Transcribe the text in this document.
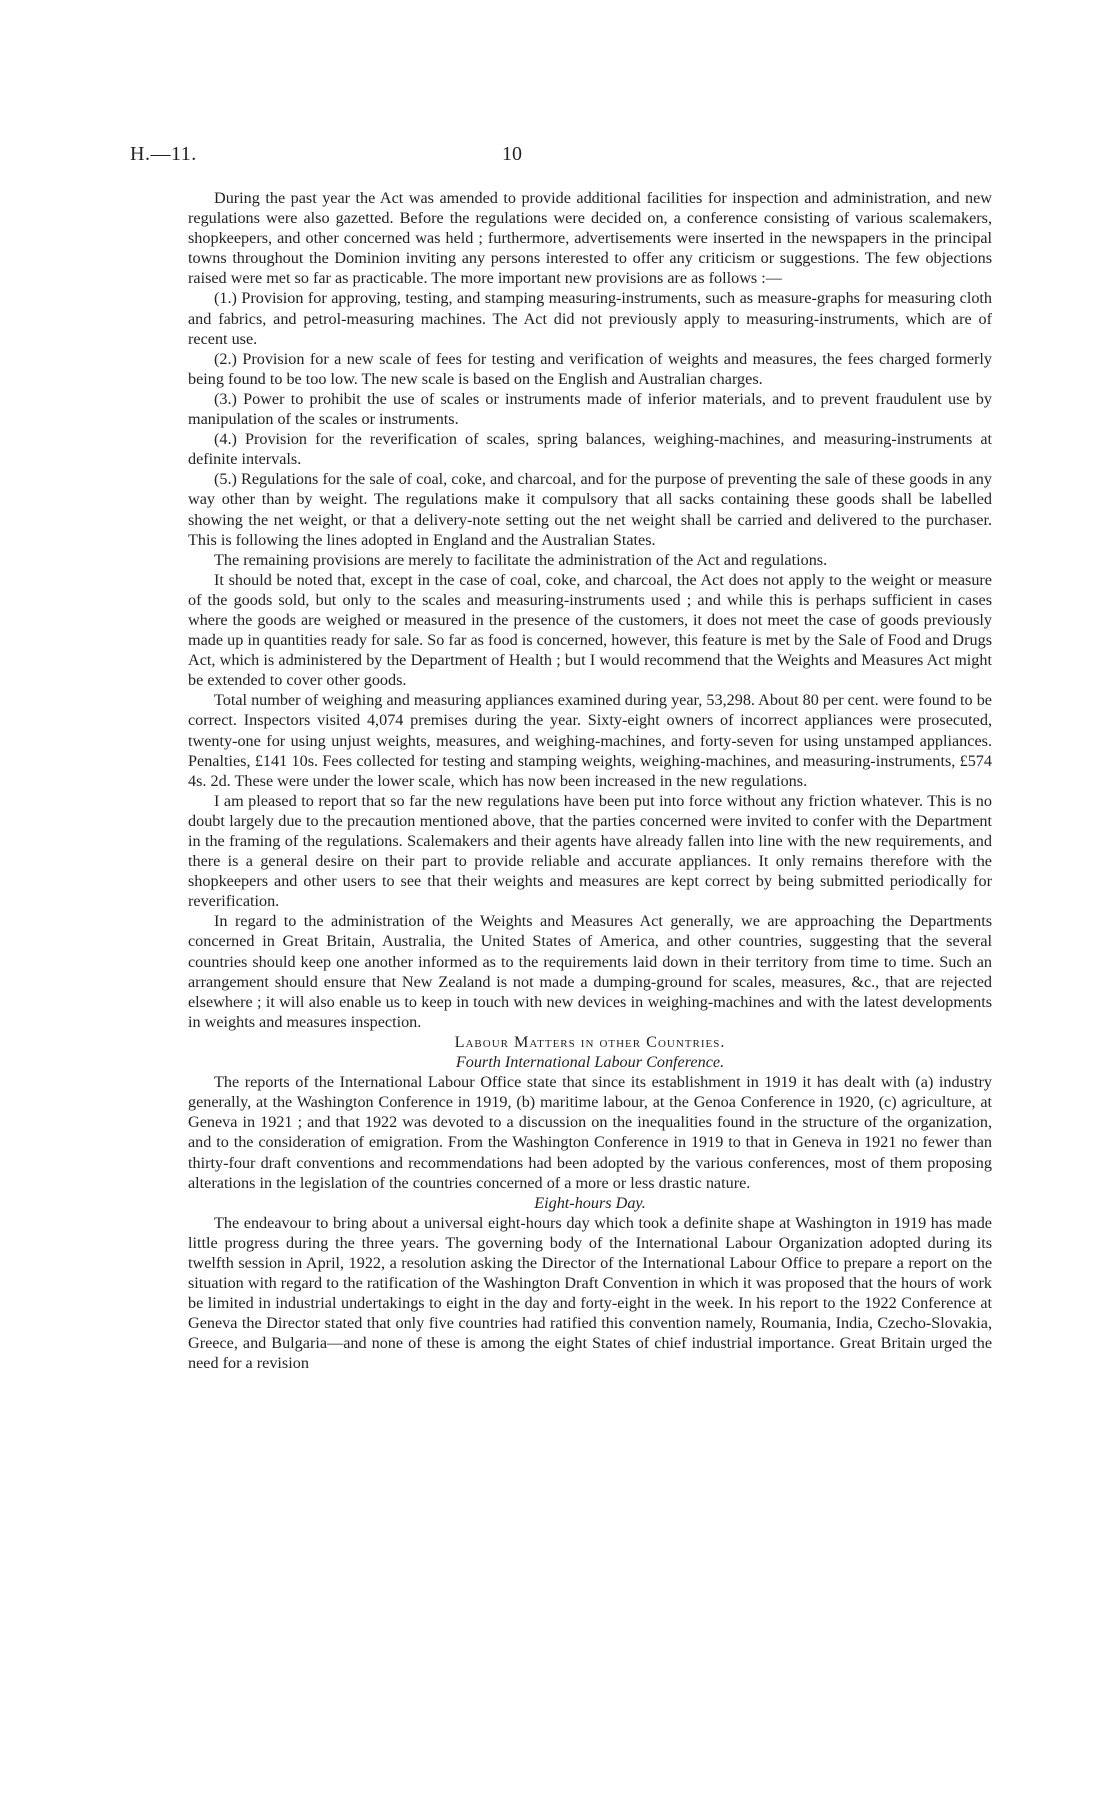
H.—11.	10

During the past year the Act was amended to provide additional facilities for inspection and administration, and new regulations were also gazetted. Before the regulations were decided on, a conference consisting of various scalemakers, shopkeepers, and other concerned was held ; furthermore, advertisements were inserted in the newspapers in the principal towns throughout the Dominion inviting any persons interested to offer any criticism or suggestions. The few objections raised were met so far as practicable. The more important new provisions are as follows :—

(1.) Provision for approving, testing, and stamping measuring-instruments, such as measure-graphs for measuring cloth and fabrics, and petrol-measuring machines. The Act did not previously apply to measuring-instruments, which are of recent use.

(2.) Provision for a new scale of fees for testing and verification of weights and measures, the fees charged formerly being found to be too low. The new scale is based on the English and Australian charges.

(3.) Power to prohibit the use of scales or instruments made of inferior materials, and to prevent fraudulent use by manipulation of the scales or instruments.

(4.) Provision for the reverification of scales, spring balances, weighing-machines, and measuring-instruments at definite intervals.

(5.) Regulations for the sale of coal, coke, and charcoal, and for the purpose of preventing the sale of these goods in any way other than by weight. The regulations make it compulsory that all sacks containing these goods shall be labelled showing the net weight, or that a delivery-note setting out the net weight shall be carried and delivered to the purchaser. This is following the lines adopted in England and the Australian States.

The remaining provisions are merely to facilitate the administration of the Act and regulations.

It should be noted that, except in the case of coal, coke, and charcoal, the Act does not apply to the weight or measure of the goods sold, but only to the scales and measuring-instruments used ; and while this is perhaps sufficient in cases where the goods are weighed or measured in the presence of the customers, it does not meet the case of goods previously made up in quantities ready for sale. So far as food is concerned, however, this feature is met by the Sale of Food and Drugs Act, which is administered by the Department of Health ; but I would recommend that the Weights and Measures Act might be extended to cover other goods.

Total number of weighing and measuring appliances examined during year, 53,298. About 80 per cent. were found to be correct. Inspectors visited 4,074 premises during the year. Sixty-eight owners of incorrect appliances were prosecuted, twenty-one for using unjust weights, measures, and weighing-machines, and forty-seven for using unstamped appliances. Penalties, £141 10s. Fees collected for testing and stamping weights, weighing-machines, and measuring-instruments, £574 4s. 2d. These were under the lower scale, which has now been increased in the new regulations.

I am pleased to report that so far the new regulations have been put into force without any friction whatever. This is no doubt largely due to the precaution mentioned above, that the parties concerned were invited to confer with the Department in the framing of the regulations. Scalemakers and their agents have already fallen into line with the new requirements, and there is a general desire on their part to provide reliable and accurate appliances. It only remains therefore with the shopkeepers and other users to see that their weights and measures are kept correct by being submitted periodically for reverification.

In regard to the administration of the Weights and Measures Act generally, we are approaching the Departments concerned in Great Britain, Australia, the United States of America, and other countries, suggesting that the several countries should keep one another informed as to the requirements laid down in their territory from time to time. Such an arrangement should ensure that New Zealand is not made a dumping-ground for scales, measures, &c., that are rejected elsewhere ; it will also enable us to keep in touch with new devices in weighing-machines and with the latest developments in weights and measures inspection.

Labour Matters in other Countries.

Fourth International Labour Conference.

The reports of the International Labour Office state that since its establishment in 1919 it has dealt with (a) industry generally, at the Washington Conference in 1919, (b) maritime labour, at the Genoa Conference in 1920, (c) agriculture, at Geneva in 1921 ; and that 1922 was devoted to a discussion on the inequalities found in the structure of the organization, and to the consideration of emigration. From the Washington Conference in 1919 to that in Geneva in 1921 no fewer than thirty-four draft conventions and recommendations had been adopted by the various conferences, most of them proposing alterations in the legislation of the countries concerned of a more or less drastic nature.

Eight-hours Day.

The endeavour to bring about a universal eight-hours day which took a definite shape at Washington in 1919 has made little progress during the three years. The governing body of the International Labour Organization adopted during its twelfth session in April, 1922, a resolution asking the Director of the International Labour Office to prepare a report on the situation with regard to the ratification of the Washington Draft Convention in which it was proposed that the hours of work be limited in industrial undertakings to eight in the day and forty-eight in the week. In his report to the 1922 Conference at Geneva the Director stated that only five countries had ratified this convention namely, Roumania, India, Czecho-Slovakia, Greece, and Bulgaria—and none of these is among the eight States of chief industrial importance. Great Britain urged the need for a revision
